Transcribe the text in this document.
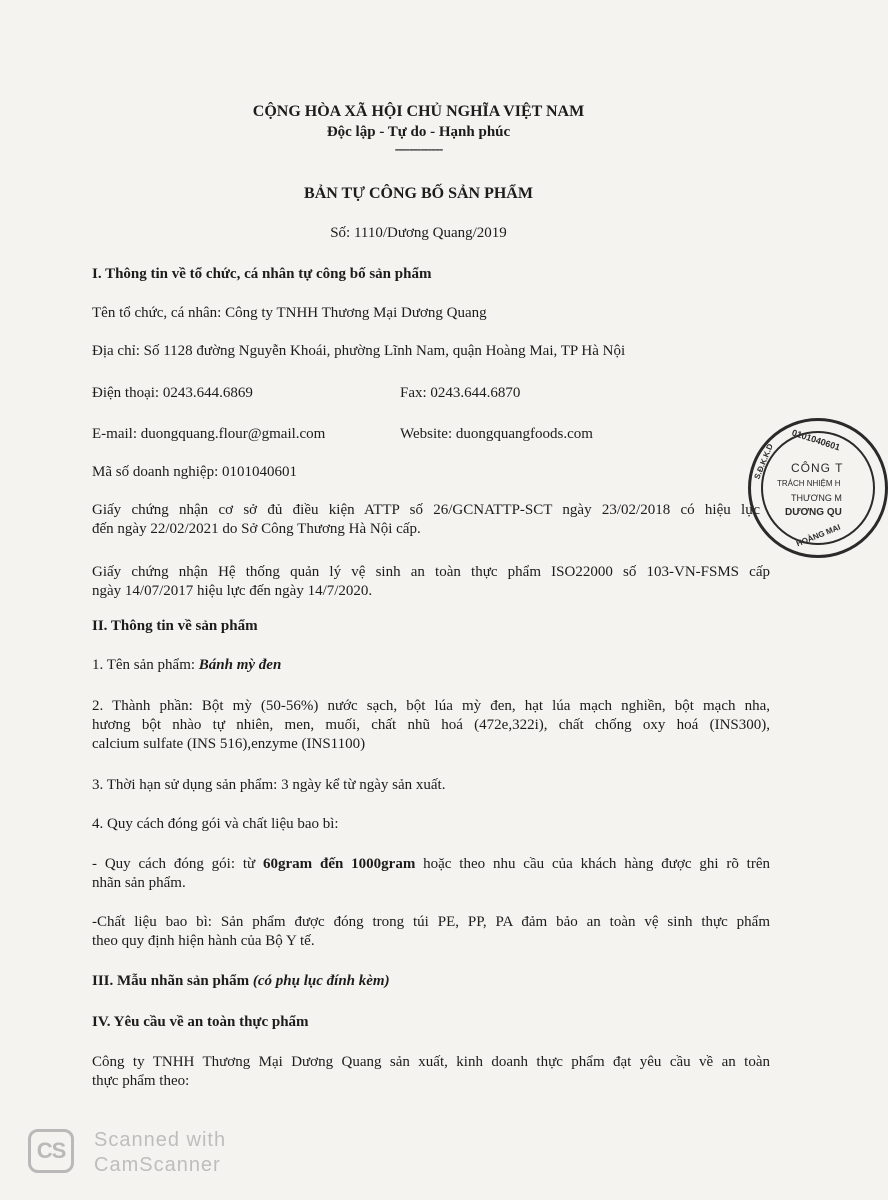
CỘNG HÒA XÃ HỘI CHỦ NGHĨA VIỆT NAM
Độc lập - Tự do - Hạnh phúc
-------------
BẢN TỰ CÔNG BỐ SẢN PHẨM
Số: 1110/Dương Quang/2019
I. Thông tin về tổ chức, cá nhân tự công bố sản phẩm
Tên tổ chức, cá nhân: Công ty TNHH Thương Mại Dương Quang
Địa chỉ: Số 1128 đường Nguyễn Khoái, phường Lĩnh Nam, quận Hoàng Mai, TP Hà Nội
Điện thoại: 0243.644.6869	Fax: 0243.644.6870
E-mail: duongquang.flour@gmail.com	Website: duongquangfoods.com
Mã số doanh nghiệp: 0101040601
Giấy chứng nhận cơ sở đủ điều kiện ATTP số 26/GCNATTP-SCT ngày 23/02/2018 có hiệu lực
đến ngày 22/02/2021 do Sở Công Thương Hà Nội cấp.
Giấy chứng nhận Hệ thống quản lý vệ sinh an toàn thực phẩm ISO22000 số 103-VN-FSMS cấp
ngày 14/07/2017 hiệu lực đến ngày 14/7/2020.
II. Thông tin về sản phẩm
1. Tên sản phẩm: Bánh mỳ đen
2. Thành phần: Bột mỳ (50-56%) nước sạch, bột lúa mỳ đen, hạt lúa mạch nghiền, bột mạch nha,
hương bột nhào tự nhiên, men, muối, chất nhũ hoá (472e,322i), chất chống oxy hoá (INS300),
calcium sulfate (INS 516),enzyme (INS1100)
3. Thời hạn sử dụng sản phẩm: 3 ngày kể từ ngày sản xuất.
4. Quy cách đóng gói và chất liệu bao bì:
- Quy cách đóng gói: từ 60gram đến 1000gram hoặc theo nhu cầu của khách hàng được ghi rõ trên
nhãn sản phẩm.
-Chất liệu bao bì: Sản phẩm được đóng trong túi PE, PP, PA đảm bảo an toàn vệ sinh thực phẩm
theo quy định hiện hành của Bộ Y tế.
III. Mẫu nhãn sản phẩm (có phụ lục đính kèm)
IV. Yêu cầu về an toàn thực phẩm
Công ty TNHH Thương Mại Dương Quang sản xuất, kinh doanh thực phẩm đạt yêu cầu về an toàn
thực phẩm theo:
0101040601
S.Đ.K.K.D CÔNG T
TRÁCH NHIỆM H
THƯƠNG M
DƯƠNG QU
HOÀNG MAI
CS	Scanned with
CamScanner
